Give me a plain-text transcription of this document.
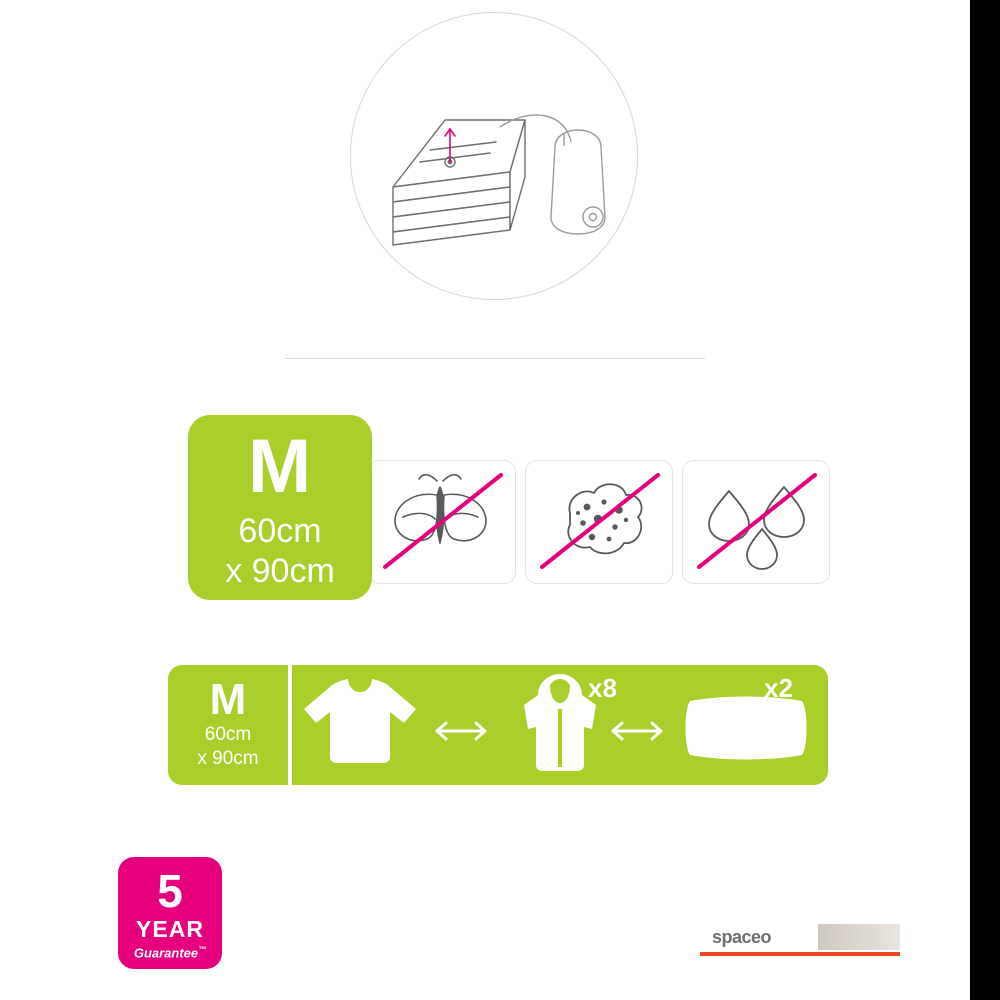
M
60cm
x 90cm
M
60cm
x 90cm
x8	x2	x2
5
YEAR
Guarantee™
spaceo
